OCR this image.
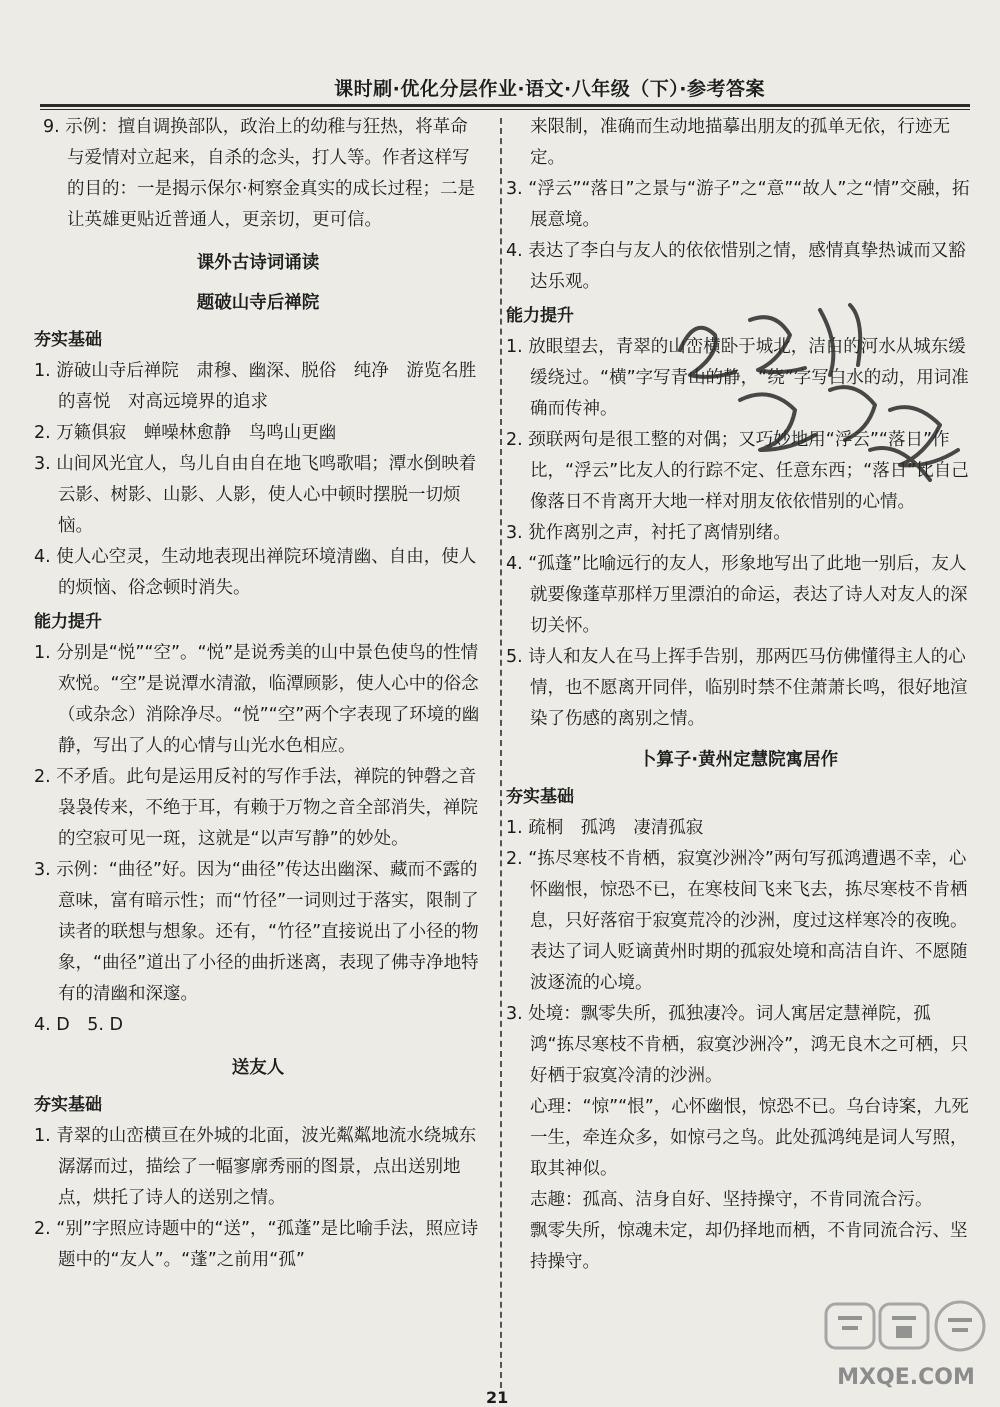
课时刷·优化分层作业·语文·八年级（下）·参考答案

9. 示例：擅自调换部队，政治上的幼稚与狂热，将革命与爱情对立起来，自杀的念头，打人等。作者这样写的目的：一是揭示保尔·柯察金真实的成长过程；二是让英雄更贴近普通人，更亲切，更可信。

课外古诗词诵读
题破山寺后禅院
夯实基础

1. 游破山寺后禅院　肃穆、幽深、脱俗　纯净　游览名胜的喜悦　对高远境界的追求

2. 万籁俱寂　蝉噪林愈静　鸟鸣山更幽

3. 山间风光宜人，鸟儿自由自在地飞鸣歌唱；潭水倒映着云影、树影、山影、人影，使人心中顿时摆脱一切烦恼。

4. 使人心空灵，生动地表现出禅院环境清幽、自由，使人的烦恼、俗念顿时消失。

能力提升

1. 分别是“悦”“空”。“悦”是说秀美的山中景色使鸟的性情欢悦。“空”是说潭水清澈，临潭顾影，使人心中的俗念（或杂念）消除净尽。“悦”“空”两个字表现了环境的幽静，写出了人的心情与山光水色相应。

2. 不矛盾。此句是运用反衬的写作手法，禅院的钟磬之音袅袅传来，不绝于耳，有赖于万物之音全部消失，禅院的空寂可见一斑，这就是“以声写静”的妙处。

3. 示例：“曲径”好。因为“曲径”传达出幽深、藏而不露的意味，富有暗示性；而“竹径”一词则过于落实，限制了读者的联想与想象。还有，“竹径”直接说出了小径的物象，“曲径”道出了小径的曲折迷离，表现了佛寺净地特有的清幽和深邃。

4. D　5. D

送友人
夯实基础

1. 青翠的山峦横亘在外城的北面，波光粼粼地流水绕城东潺潺而过，描绘了一幅寥廓秀丽的图景，点出送别地点，烘托了诗人的送别之情。

2. “别”字照应诗题中的“送”，“孤蓬”是比喻手法，照应诗题中的“友人”。“蓬”之前用“孤”

来限制，准确而生动地描摹出朋友的孤单无依，行迹无定。

3. “浮云”“落日”之景与“游子”之“意”“故人”之“情”交融，拓展意境。

4. 表达了李白与友人的依依惜别之情，感情真挚热诚而又豁达乐观。

能力提升

1. 放眼望去，青翠的山峦横卧于城北，洁白的河水从城东缓缓绕过。“横”字写青山的静，“绕”字写白水的动，用词准确而传神。

2. 颈联两句是很工整的对偶；又巧妙地用“浮云”“落日”作比，“浮云”比友人的行踪不定、任意东西；“落日”比自己像落日不肯离开大地一样对朋友依依惜别的心情。

3. 犹作离别之声，衬托了离情别绪。

4. “孤蓬”比喻远行的友人，形象地写出了此地一别后，友人就要像蓬草那样万里漂泊的命运，表达了诗人对友人的深切关怀。

5. 诗人和友人在马上挥手告别，那两匹马仿佛懂得主人的心情，也不愿离开同伴，临别时禁不住萧萧长鸣，很好地渲染了伤感的离别之情。

卜算子·黄州定慧院寓居作
夯实基础

1. 疏桐　孤鸿　凄清孤寂

2. “拣尽寒枝不肯栖，寂寞沙洲冷”两句写孤鸿遭遇不幸，心怀幽恨，惊恐不已，在寒枝间飞来飞去，拣尽寒枝不肯栖息，只好落宿于寂寞荒冷的沙洲，度过这样寒冷的夜晚。

表达了词人贬谪黄州时期的孤寂处境和高洁自许、不愿随波逐流的心境。

3. 处境：飘零失所，孤独凄冷。词人寓居定慧禅院，孤鸿“拣尽寒枝不肯栖，寂寞沙洲冷”，鸿无良木之可栖，只好栖于寂寞冷清的沙洲。

心理：“惊”“恨”，心怀幽恨，惊恐不已。乌台诗案，九死一生，牵连众多，如惊弓之鸟。此处孤鸿纯是词人写照，取其神似。

志趣：孤高、洁身自好、坚持操守，不肯同流合污。

飘零失所，惊魂未定，却仍择地而栖，不肯同流合污、坚持操守。

MXQE.COM
21
